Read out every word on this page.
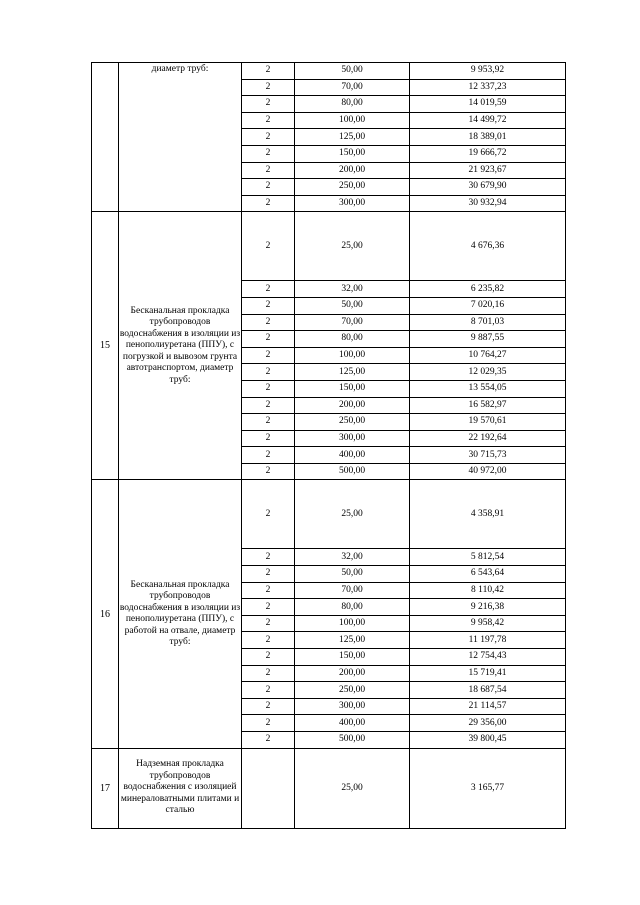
	диаметр труб:	2	50,00	9 953,92
		2	70,00	12 337,23
		2	80,00	14 019,59
		2	100,00	14 499,72
		2	125,00	18 389,01
		2	150,00	19 666,72
		2	200,00	21 923,67
		2	250,00	30 679,90
		2	300,00	30 932,94
15	Бесканальная прокладка трубопроводов водоснабжения в изоляции из пенополиуретана (ППУ), с погрузкой и вывозом грунта автотранспортом, диаметр труб:	2	25,00	4 676,36
		2	32,00	6 235,82
		2	50,00	7 020,16
		2	70,00	8 701,03
		2	80,00	9 887,55
		2	100,00	10 764,27
		2	125,00	12 029,35
		2	150,00	13 554,05
		2	200,00	16 582,97
		2	250,00	19 570,61
		2	300,00	22 192,64
		2	400,00	30 715,73
		2	500,00	40 972,00
16	Бесканальная прокладка трубопроводов водоснабжения в изоляции из пенополиуретана (ППУ), с работой на отвале, диаметр труб:	2	25,00	4 358,91
		2	32,00	5 812,54
		2	50,00	6 543,64
		2	70,00	8 110,42
		2	80,00	9 216,38
		2	100,00	9 958,42
		2	125,00	11 197,78
		2	150,00	12 754,43
		2	200,00	15 719,41
		2	250,00	18 687,54
		2	300,00	21 114,57
		2	400,00	29 356,00
		2	500,00	39 800,45
17	Надземная прокладка трубопроводов водоснабжения с изоляцией минераловатными плитами и сталью		25,00	3 165,77
